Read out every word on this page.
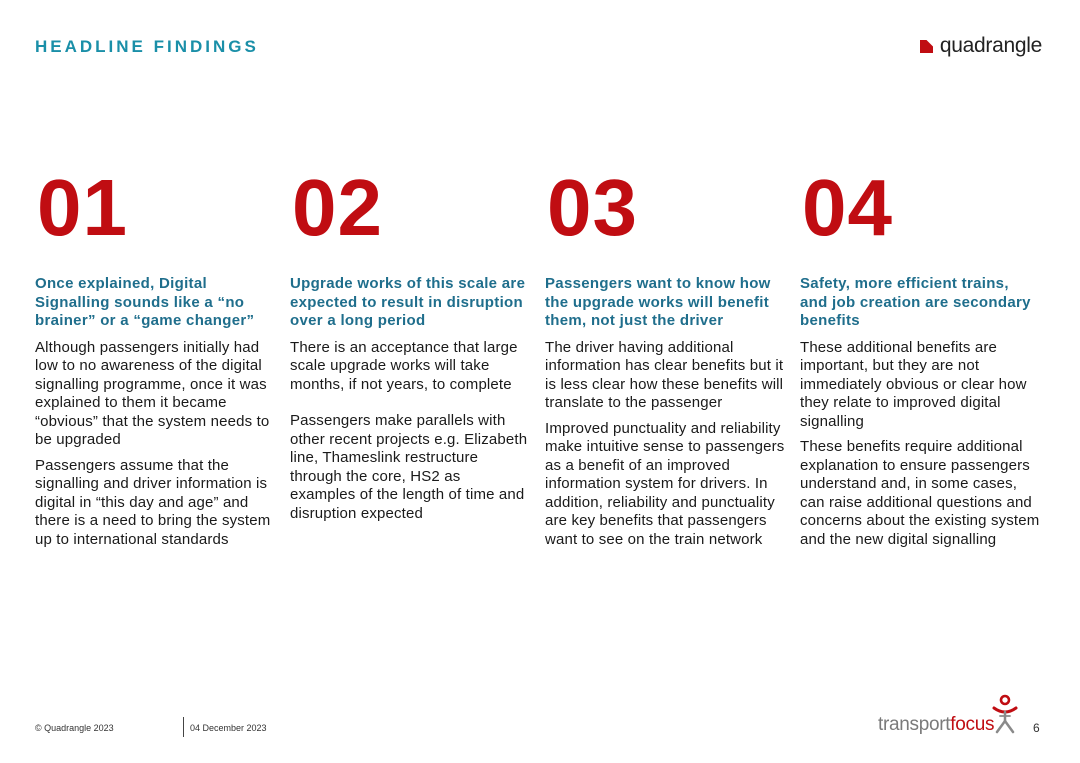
HEADLINE FINDINGS	quadrangle
01
Once explained, Digital Signalling sounds like a “no brainer” or a “game changer”
Although passengers initially had low to no awareness of the digital signalling programme, once it was explained to them it became “obvious” that the system needs to be upgraded
Passengers assume that the signalling and driver information is digital in “this day and age” and there is a need to bring the system up to international standards
02
Upgrade works of this scale are expected to result in disruption over a long period
There is an acceptance that large scale upgrade works will take months, if not years, to complete
Passengers make parallels with other recent projects e.g. Elizabeth line, Thameslink restructure through the core, HS2 as examples of the length of time and disruption expected
03
Passengers want to know how the upgrade works will benefit them, not just the driver
The driver having additional information has clear benefits but it is less clear how these benefits will translate to the passenger
Improved punctuality and reliability make intuitive sense to passengers as a benefit of an improved information system for drivers. In addition, reliability and punctuality are key benefits that passengers want to see on the train network
04
Safety, more efficient trains, and job creation are secondary benefits
These additional benefits are important, but they are not immediately obvious or clear how they relate to improved digital signalling
These benefits require additional explanation to ensure passengers understand and, in some cases, can raise additional questions and concerns about the existing system and the new digital signalling
© Quadrangle 2023	04 December 2023	transportfocus	6
